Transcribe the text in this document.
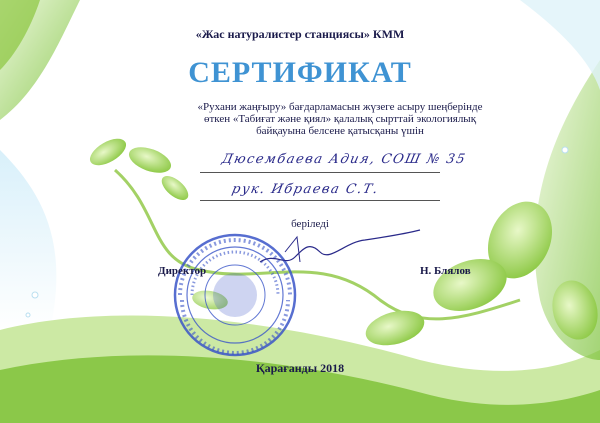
«Жас натуралистер станциясы» КММ
СЕРТИФИКАТ
«Рухани жаңғыру» бағдарламасын жүзеге асыру шеңберінде
өткен «Табиғат және қиял» қалалық сырттай экологиялық
байқауына белсене қатысқаны үшін
Дюсембаева Адия, СОШ № 35
рук. Ибраева С.Т.
беріледі
Директор	Н. Блялов
Қарағанды 2018
